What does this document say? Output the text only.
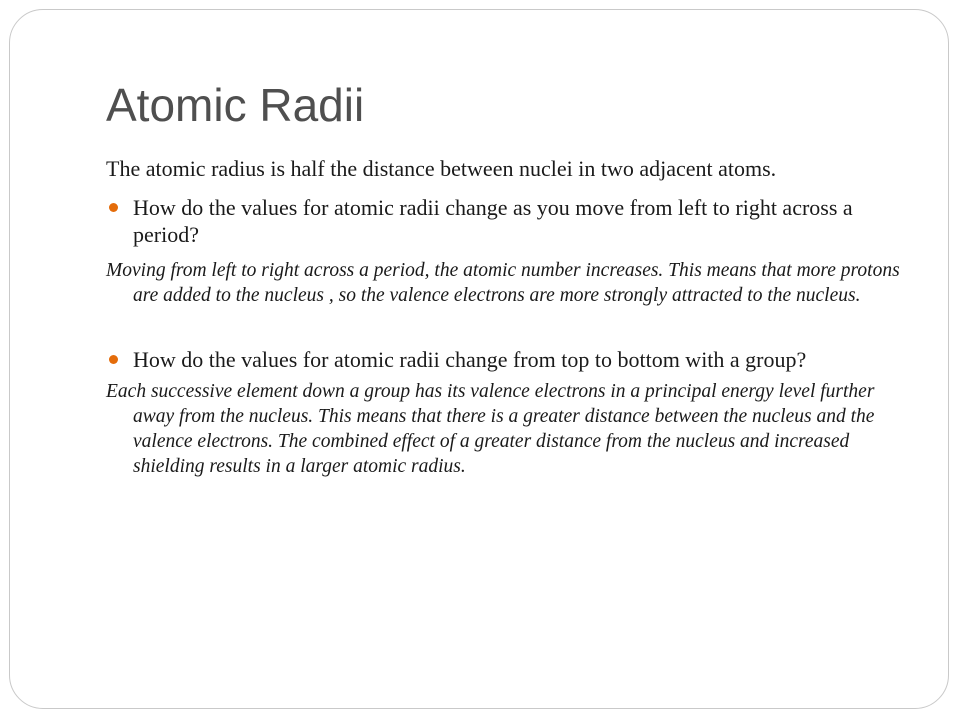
Atomic Radii

The atomic radius is half the distance between nuclei in two adjacent atoms.

How do the values for atomic radii change as you move from left to right across a period?

Moving from left to right across a period, the atomic number increases. This means that more protons are added to the nucleus , so the valence electrons are more strongly attracted to the nucleus.

How do the values for atomic radii change from top to bottom with a group?

Each successive element down a group has its valence electrons in a principal energy level further away from the nucleus. This means that there is a greater distance between the nucleus and the valence electrons. The combined effect of a greater distance from the nucleus and increased shielding results in a larger atomic radius.
